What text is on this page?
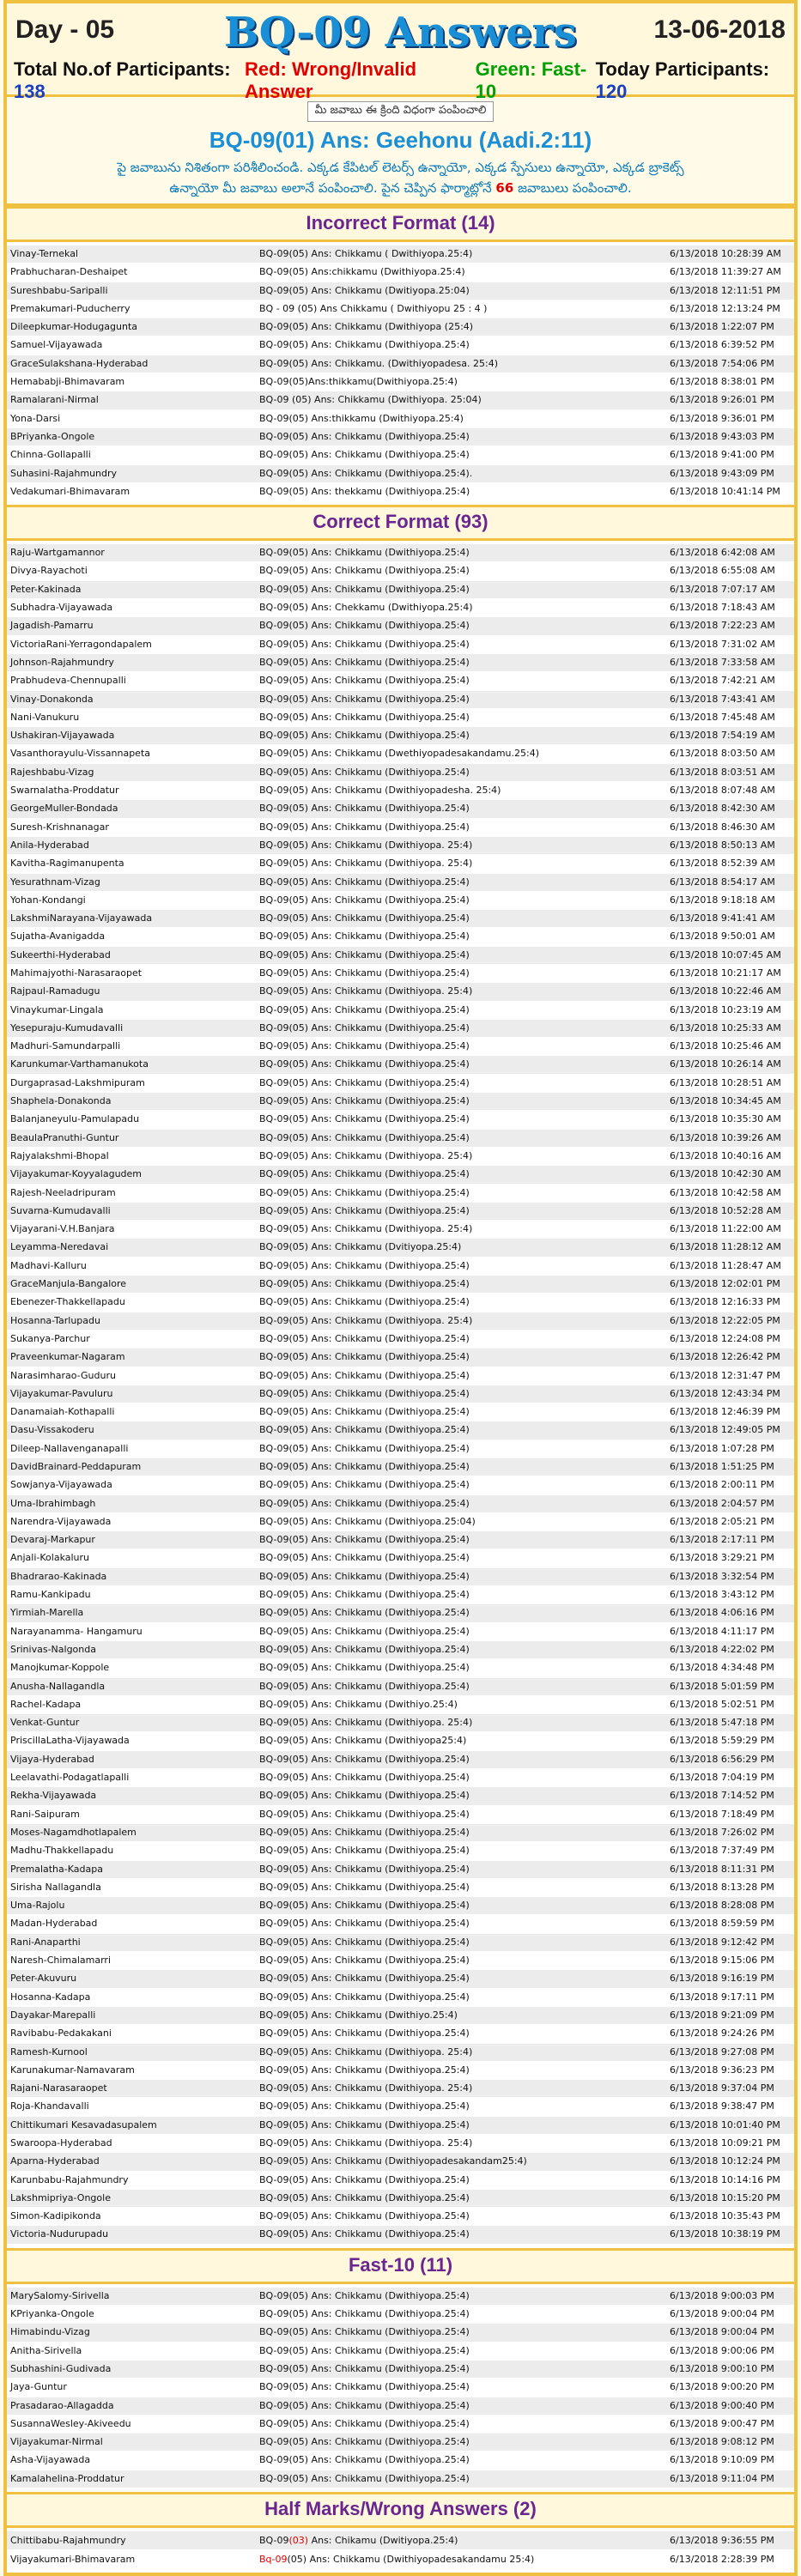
Day - 05	BQ-09 Answers	13-06-2018
Total No.of Participants: 138
Red: Wrong/Invalid Answer
Green: Fast-10
Today Participants: 120
మీ జవాబు ఈ క్రింది విధంగా పంపించాలి
BQ-09(01) Ans: Geehonu (Aadi.2:11)
పై జవాబును నిశితంగా పరిశీలించండి. ఎక్కడ కేపిటల్ లెటర్స్ ఉన్నాయో, ఎక్కడ స్పేసులు ఉన్నాయో, ఎక్కడ బ్రాకెట్స్
ఉన్నాయో మీ జవాబు అలానే పంపించాలి. పైన చెప్పిన ఫార్మాట్లోనే 66 జవాబులు పంపించాలి.
Incorrect Format (14)
Vinay-Ternekal	BQ-09(05) Ans: Chikkamu ( Dwithiyopa.25:4)	6/13/2018 10:28:39 AM
Prabhucharan-Deshaipet	BQ-09(05) Ans:chikkamu (Dwithiyopa.25:4)	6/13/2018 11:39:27 AM
Sureshbabu-Saripalli	BQ-09(05) Ans: Chikkamu (Dwitiyopa.25:04)	6/13/2018 12:11:51 PM
Premakumari-Puducherry	BQ - 09 (05) Ans Chikkamu ( Dwithiyopu 25 : 4 )	6/13/2018 12:13:24 PM
Dileepkumar-Hodugagunta	BQ-09(05) Ans: Chikkamu (Dwithiyopa (25:4)	6/13/2018 1:22:07 PM
Samuel-Vijayawada	BQ-09(05) Ans: Chikkamu (Dwithiyopa.25:4)	6/13/2018 6:39:52 PM
GraceSulakshana-Hyderabad	BQ-09(05) Ans: Chikkamu. (Dwithiyopadesa. 25:4)	6/13/2018 7:54:06 PM
Hemababji-Bhimavaram	BQ-09(05)Ans:thikkamu(Dwithiyopa.25:4)	6/13/2018 8:38:01 PM
Ramalarani-Nirmal	BQ-09 (05) Ans: Chikkamu (Dwithiyopa. 25:04)	6/13/2018 9:26:01 PM
Yona-Darsi	BQ-09(05) Ans:thikkamu (Dwithiyopa.25:4)	6/13/2018 9:36:01 PM
BPriyanka-Ongole	BQ-09(05) Ans: Chikkamu (Dwithiyopa.25:4)	6/13/2018 9:43:03 PM
Chinna-Gollapalli	BQ-09(05) Ans: Chikkamu (Dwithiyopa.25:4)	6/13/2018 9:41:00 PM
Suhasini-Rajahmundry	BQ-09(05) Ans: Chikkamu (Dwithiyopa.25:4).	6/13/2018 9:43:09 PM
Vedakumari-Bhimavaram	BQ-09(05) Ans: thekkamu (Dwithiyopa.25:4)	6/13/2018 10:41:14 PM
Correct Format (93)
Raju-Wartgamannor	BQ-09(05) Ans: Chikkamu (Dwithiyopa.25:4)	6/13/2018 6:42:08 AM
Divya-Rayachoti	BQ-09(05) Ans: Chikkamu (Dwithiyopa.25:4)	6/13/2018 6:55:08 AM
Peter-Kakinada	BQ-09(05) Ans: Chikkamu (Dwithiyopa.25:4)	6/13/2018 7:07:17 AM
Subhadra-Vijayawada	BQ-09(05) Ans: Chekkamu (Dwithiyopa.25:4)	6/13/2018 7:18:43 AM
Jagadish-Pamarru	BQ-09(05) Ans: Chikkamu (Dwithiyopa.25:4)	6/13/2018 7:22:23 AM
VictoriaRani-Yerragondapalem	BQ-09(05) Ans: Chikkamu (Dwithiyopa.25:4)	6/13/2018 7:31:02 AM
Johnson-Rajahmundry	BQ-09(05) Ans: Chikkamu (Dwithiyopa.25:4)	6/13/2018 7:33:58 AM
Prabhudeva-Chennupalli	BQ-09(05) Ans: Chikkamu (Dwithiyopa.25:4)	6/13/2018 7:42:21 AM
Vinay-Donakonda	BQ-09(05) Ans: Chikkamu (Dwithiyopa.25:4)	6/13/2018 7:43:41 AM
Nani-Vanukuru	BQ-09(05) Ans: Chikkamu (Dwithiyopa.25:4)	6/13/2018 7:45:48 AM
Ushakiran-Vijayawada	BQ-09(05) Ans: Chikkamu (Dwithiyopa.25:4)	6/13/2018 7:54:19 AM
Vasanthorayulu-Vissannapeta	BQ-09(05) Ans: Chikkamu (Dwethiyopadesakandamu.25:4)	6/13/2018 8:03:50 AM
Rajeshbabu-Vizag	BQ-09(05) Ans: Chikkamu (Dwithiyopa.25:4)	6/13/2018 8:03:51 AM
Swarnalatha-Proddatur	BQ-09(05) Ans: Chikkamu (Dwithiyopadesha. 25:4)	6/13/2018 8:07:48 AM
GeorgeMuller-Bondada	BQ-09(05) Ans: Chikkamu (Dwithiyopa.25:4)	6/13/2018 8:42:30 AM
Suresh-Krishnanagar	BQ-09(05) Ans: Chikkamu (Dwithiyopa.25:4)	6/13/2018 8:46:30 AM
Anila-Hyderabad	BQ-09(05) Ans: Chikkamu (Dwithiyopa. 25:4)	6/13/2018 8:50:13 AM
Kavitha-Ragimanupenta	BQ-09(05) Ans: Chikkamu (Dwithiyopa. 25:4)	6/13/2018 8:52:39 AM
Yesurathnam-Vizag	BQ-09(05) Ans: Chikkamu (Dwithiyopa.25:4)	6/13/2018 8:54:17 AM
Yohan-Kondangi	BQ-09(05) Ans: Chikkamu (Dwithiyopa.25:4)	6/13/2018 9:18:18 AM
LakshmiNarayana-Vijayawada	BQ-09(05) Ans: Chikkamu (Dwithiyopa.25:4)	6/13/2018 9:41:41 AM
Sujatha-Avanigadda	BQ-09(05) Ans: Chikkamu (Dwithiyopa.25:4)	6/13/2018 9:50:01 AM
Sukeerthi-Hyderabad	BQ-09(05) Ans: Chikkamu (Dwithiyopa.25:4)	6/13/2018 10:07:45 AM
Mahimajyothi-Narasaraopet	BQ-09(05) Ans: Chikkamu (Dwithiyopa.25:4)	6/13/2018 10:21:17 AM
Rajpaul-Ramadugu	BQ-09(05) Ans: Chikkamu (Dwithiyopa. 25:4)	6/13/2018 10:22:46 AM
Vinaykumar-Lingala	BQ-09(05) Ans: Chikkamu (Dwithiyopa.25:4)	6/13/2018 10:23:19 AM
Yesepuraju-Kumudavalli	BQ-09(05) Ans: Chikkamu (Dwithiyopa.25:4)	6/13/2018 10:25:33 AM
Madhuri-Samundarpalli	BQ-09(05) Ans: Chikkamu (Dwithiyopa.25:4)	6/13/2018 10:25:46 AM
Karunkumar-Varthamanukota	BQ-09(05) Ans: Chikkamu (Dwithiyopa.25:4)	6/13/2018 10:26:14 AM
Durgaprasad-Lakshmipuram	BQ-09(05) Ans: Chikkamu (Dwithiyopa.25:4)	6/13/2018 10:28:51 AM
Shaphela-Donakonda	BQ-09(05) Ans: Chikkamu (Dwithiyopa.25:4)	6/13/2018 10:34:45 AM
Balanjaneyulu-Pamulapadu	BQ-09(05) Ans: Chikkamu (Dwithiyopa.25:4)	6/13/2018 10:35:30 AM
BeaulaPranuthi-Guntur	BQ-09(05) Ans: Chikkamu (Dwithiyopa.25:4)	6/13/2018 10:39:26 AM
Rajyalakshmi-Bhopal	BQ-09(05) Ans: Chikkamu (Dwithiyopa. 25:4)	6/13/2018 10:40:16 AM
Vijayakumar-Koyyalagudem	BQ-09(05) Ans: Chikkamu (Dwithiyopa.25:4)	6/13/2018 10:42:30 AM
Rajesh-Neeladripuram	BQ-09(05) Ans: Chikkamu (Dwithiyopa.25:4)	6/13/2018 10:42:58 AM
Suvarna-Kumudavalli	BQ-09(05) Ans: Chikkamu (Dwithiyopa.25:4)	6/13/2018 10:52:28 AM
Vijayarani-V.H.Banjara	BQ-09(05) Ans: Chikkamu (Dwithiyopa. 25:4)	6/13/2018 11:22:00 AM
Leyamma-Neredavai	BQ-09(05) Ans: Chikkamu (Dvitiyopa.25:4)	6/13/2018 11:28:12 AM
Madhavi-Kalluru	BQ-09(05) Ans: Chikkamu (Dwithiyopa.25:4)	6/13/2018 11:28:47 AM
GraceManjula-Bangalore	BQ-09(05) Ans: Chikkamu (Dwithiyopa.25:4)	6/13/2018 12:02:01 PM
Ebenezer-Thakkellapadu	BQ-09(05) Ans: Chikkamu (Dwithiyopa.25:4)	6/13/2018 12:16:33 PM
Hosanna-Tarlupadu	BQ-09(05) Ans: Chikkamu (Dwithiyopa. 25:4)	6/13/2018 12:22:05 PM
Sukanya-Parchur	BQ-09(05) Ans: Chikkamu (Dwithiyopa.25:4)	6/13/2018 12:24:08 PM
Praveenkumar-Nagaram	BQ-09(05) Ans: Chikkamu (Dwithiyopa.25:4)	6/13/2018 12:26:42 PM
Narasimharao-Guduru	BQ-09(05) Ans: Chikkamu (Dwithiyopa.25:4)	6/13/2018 12:31:47 PM
Vijayakumar-Pavuluru	BQ-09(05) Ans: Chikkamu (Dwithiyopa.25:4)	6/13/2018 12:43:34 PM
Danamaiah-Kothapalli	BQ-09(05) Ans: Chikkamu (Dwithiyopa.25:4)	6/13/2018 12:46:39 PM
Dasu-Vissakoderu	BQ-09(05) Ans: Chikkamu (Dwithiyopa.25:4)	6/13/2018 12:49:05 PM
Dileep-Nallavenganapalli	BQ-09(05) Ans: Chikkamu (Dwithiyopa.25:4)	6/13/2018 1:07:28 PM
DavidBrainard-Peddapuram	BQ-09(05) Ans: Chikkamu (Dwithiyopa.25:4)	6/13/2018 1:51:25 PM
Sowjanya-Vijayawada	BQ-09(05) Ans: Chikkamu (Dwithiyopa.25:4)	6/13/2018 2:00:11 PM
Uma-Ibrahimbagh	BQ-09(05) Ans: Chikkamu (Dwithiyopa.25:4)	6/13/2018 2:04:57 PM
Narendra-Vijayawada	BQ-09(05) Ans: Chikkamu (Dwithiyopa.25:04)	6/13/2018 2:05:21 PM
Devaraj-Markapur	BQ-09(05) Ans: Chikkamu (Dwithiyopa.25:4)	6/13/2018 2:17:11 PM
Anjali-Kolakaluru	BQ-09(05) Ans: Chikkamu (Dwithiyopa.25:4)	6/13/2018 3:29:21 PM
Bhadrarao-Kakinada	BQ-09(05) Ans: Chikkamu (Dwithiyopa.25:4)	6/13/2018 3:32:54 PM
Ramu-Kankipadu	BQ-09(05) Ans: Chikkamu (Dwithiyopa.25:4)	6/13/2018 3:43:12 PM
Yirmiah-Marella	BQ-09(05) Ans: Chikkamu (Dwithiyopa.25:4)	6/13/2018 4:06:16 PM
Narayanamma- Hangamuru	BQ-09(05) Ans: Chikkamu (Dwithiyopa.25:4)	6/13/2018 4:11:17 PM
Srinivas-Nalgonda	BQ-09(05) Ans: Chikkamu (Dwithiyopa.25:4)	6/13/2018 4:22:02 PM
Manojkumar-Koppole	BQ-09(05) Ans: Chikkamu (Dwithiyopa.25:4)	6/13/2018 4:34:48 PM
Anusha-Nallagandla	BQ-09(05) Ans: Chikkamu (Dwithiyopa.25:4)	6/13/2018 5:01:59 PM
Rachel-Kadapa	BQ-09(05) Ans: Chikkamu (Dwithiyo.25:4)	6/13/2018 5:02:51 PM
Venkat-Guntur	BQ-09(05) Ans: Chikkamu (Dwithiyopa. 25:4)	6/13/2018 5:47:18 PM
PriscillaLatha-Vijayawada	BQ-09(05) Ans: Chikkamu (Dwithiyopa25:4)	6/13/2018 5:59:29 PM
Vijaya-Hyderabad	BQ-09(05) Ans: Chikkamu (Dwithiyopa.25:4)	6/13/2018 6:56:29 PM
Leelavathi-Podagatlapalli	BQ-09(05) Ans: Chikkamu (Dwithiyopa.25:4)	6/13/2018 7:04:19 PM
Rekha-Vijayawada	BQ-09(05) Ans: Chikkamu (Dwithiyopa.25:4)	6/13/2018 7:14:52 PM
Rani-Saipuram	BQ-09(05) Ans: Chikkamu (Dwithiyopa.25:4)	6/13/2018 7:18:49 PM
Moses-Nagamdhotlapalem	BQ-09(05) Ans: Chikkamu (Dwithiyopa.25:4)	6/13/2018 7:26:02 PM
Madhu-Thakkellapadu	BQ-09(05) Ans: Chikkamu (Dwithiyopa.25:4)	6/13/2018 7:37:49 PM
Premalatha-Kadapa	BQ-09(05) Ans: Chikkamu (Dwithiyopa.25:4)	6/13/2018 8:11:31 PM
Sirisha Nallagandla	BQ-09(05) Ans: Chikkamu (Dwithiyopa.25:4)	6/13/2018 8:13:28 PM
Uma-Rajolu	BQ-09(05) Ans: Chikkamu (Dwithiyopa.25:4)	6/13/2018 8:28:08 PM
Madan-Hyderabad	BQ-09(05) Ans: Chikkamu (Dwithiyopa.25:4)	6/13/2018 8:59:59 PM
Rani-Anaparthi	BQ-09(05) Ans: Chikkamu (Dwithiyopa.25:4)	6/13/2018 9:12:42 PM
Naresh-Chimalamarri	BQ-09(05) Ans: Chikkamu (Dwithiyopa.25:4)	6/13/2018 9:15:06 PM
Peter-Akuvuru	BQ-09(05) Ans: Chikkamu (Dwithiyopa.25:4)	6/13/2018 9:16:19 PM
Hosanna-Kadapa	BQ-09(05) Ans: Chikkamu (Dwithiyopa.25:4)	6/13/2018 9:17:11 PM
Dayakar-Marepalli	BQ-09(05) Ans: Chikkamu (Dwithiyo.25:4)	6/13/2018 9:21:09 PM
Ravibabu-Pedakakani	BQ-09(05) Ans: Chikkamu (Dwithiyopa.25:4)	6/13/2018 9:24:26 PM
Ramesh-Kurnool	BQ-09(05) Ans: Chikkamu (Dwithiyopa. 25:4)	6/13/2018 9:27:08 PM
Karunakumar-Namavaram	BQ-09(05) Ans: Chikkamu (Dwithiyopa.25:4)	6/13/2018 9:36:23 PM
Rajani-Narasaraopet	BQ-09(05) Ans: Chikkamu (Dwithiyopa. 25:4)	6/13/2018 9:37:04 PM
Roja-Khandavalli	BQ-09(05) Ans: Chikkamu (Dwithiyopa.25:4)	6/13/2018 9:38:47 PM
Chittikumari Kesavadasupalem	BQ-09(05) Ans: Chikkamu (Dwithiyopa.25:4)	6/13/2018 10:01:40 PM
Swaroopa-Hyderabad	BQ-09(05) Ans: Chikkamu (Dwithiyopa. 25:4)	6/13/2018 10:09:21 PM
Aparna-Hyderabad	BQ-09(05) Ans: Chikkamu (Dwithiyopadesakandam25:4)	6/13/2018 10:12:24 PM
Karunbabu-Rajahmundry	BQ-09(05) Ans: Chikkamu (Dwithiyopa.25:4)	6/13/2018 10:14:16 PM
Lakshmipriya-Ongole	BQ-09(05) Ans: Chikkamu (Dwithiyopa.25:4)	6/13/2018 10:15:20 PM
Simon-Kadipikonda	BQ-09(05) Ans: Chikkamu (Dwithiyopa.25:4)	6/13/2018 10:35:43 PM
Victoria-Nudurupadu	BQ-09(05) Ans: Chikkamu (Dwithiyopa.25:4)	6/13/2018 10:38:19 PM
Fast-10 (11)
MarySalomy-Sirivella	BQ-09(05) Ans: Chikkamu (Dwithiyopa.25:4)	6/13/2018 9:00:03 PM
KPriyanka-Ongole	BQ-09(05) Ans: Chikkamu (Dwithiyopa.25:4)	6/13/2018 9:00:04 PM
Himabindu-Vizag	BQ-09(05) Ans: Chikkamu (Dwithiyopa.25:4)	6/13/2018 9:00:04 PM
Anitha-Sirivella	BQ-09(05) Ans: Chikkamu (Dwithiyopa.25:4)	6/13/2018 9:00:06 PM
Subhashini-Gudivada	BQ-09(05) Ans: Chikkamu (Dwithiyopa.25:4)	6/13/2018 9:00:10 PM
Jaya-Guntur	BQ-09(05) Ans: Chikkamu (Dwithiyopa.25:4)	6/13/2018 9:00:20 PM
Prasadarao-Allagadda	BQ-09(05) Ans: Chikkamu (Dwithiyopa.25:4)	6/13/2018 9:00:40 PM
SusannaWesley-Akiveedu	BQ-09(05) Ans: Chikkamu (Dwithiyopa.25:4)	6/13/2018 9:00:47 PM
Vijayakumar-Nirmal	BQ-09(05) Ans: Chikkamu (Dwithiyopa.25:4)	6/13/2018 9:08:12 PM
Asha-Vijayawada	BQ-09(05) Ans: Chikkamu (Dwithiyopa.25:4)	6/13/2018 9:10:09 PM
Kamalahelina-Proddatur	BQ-09(05) Ans: Chikkamu (Dwithiyopa.25:4)	6/13/2018 9:11:04 PM
Half Marks/Wrong Answers (2)
Chittibabu-Rajahmundry	BQ-09(03) Ans: Chikamu (Dwitiyopa.25:4)	6/13/2018 9:36:55 PM
Vijayakumari-Bhimavaram	Bq-09(05) Ans: Chikkamu (Dwithiyopadesakandamu 25:4)	6/13/2018 2:28:39 PM
